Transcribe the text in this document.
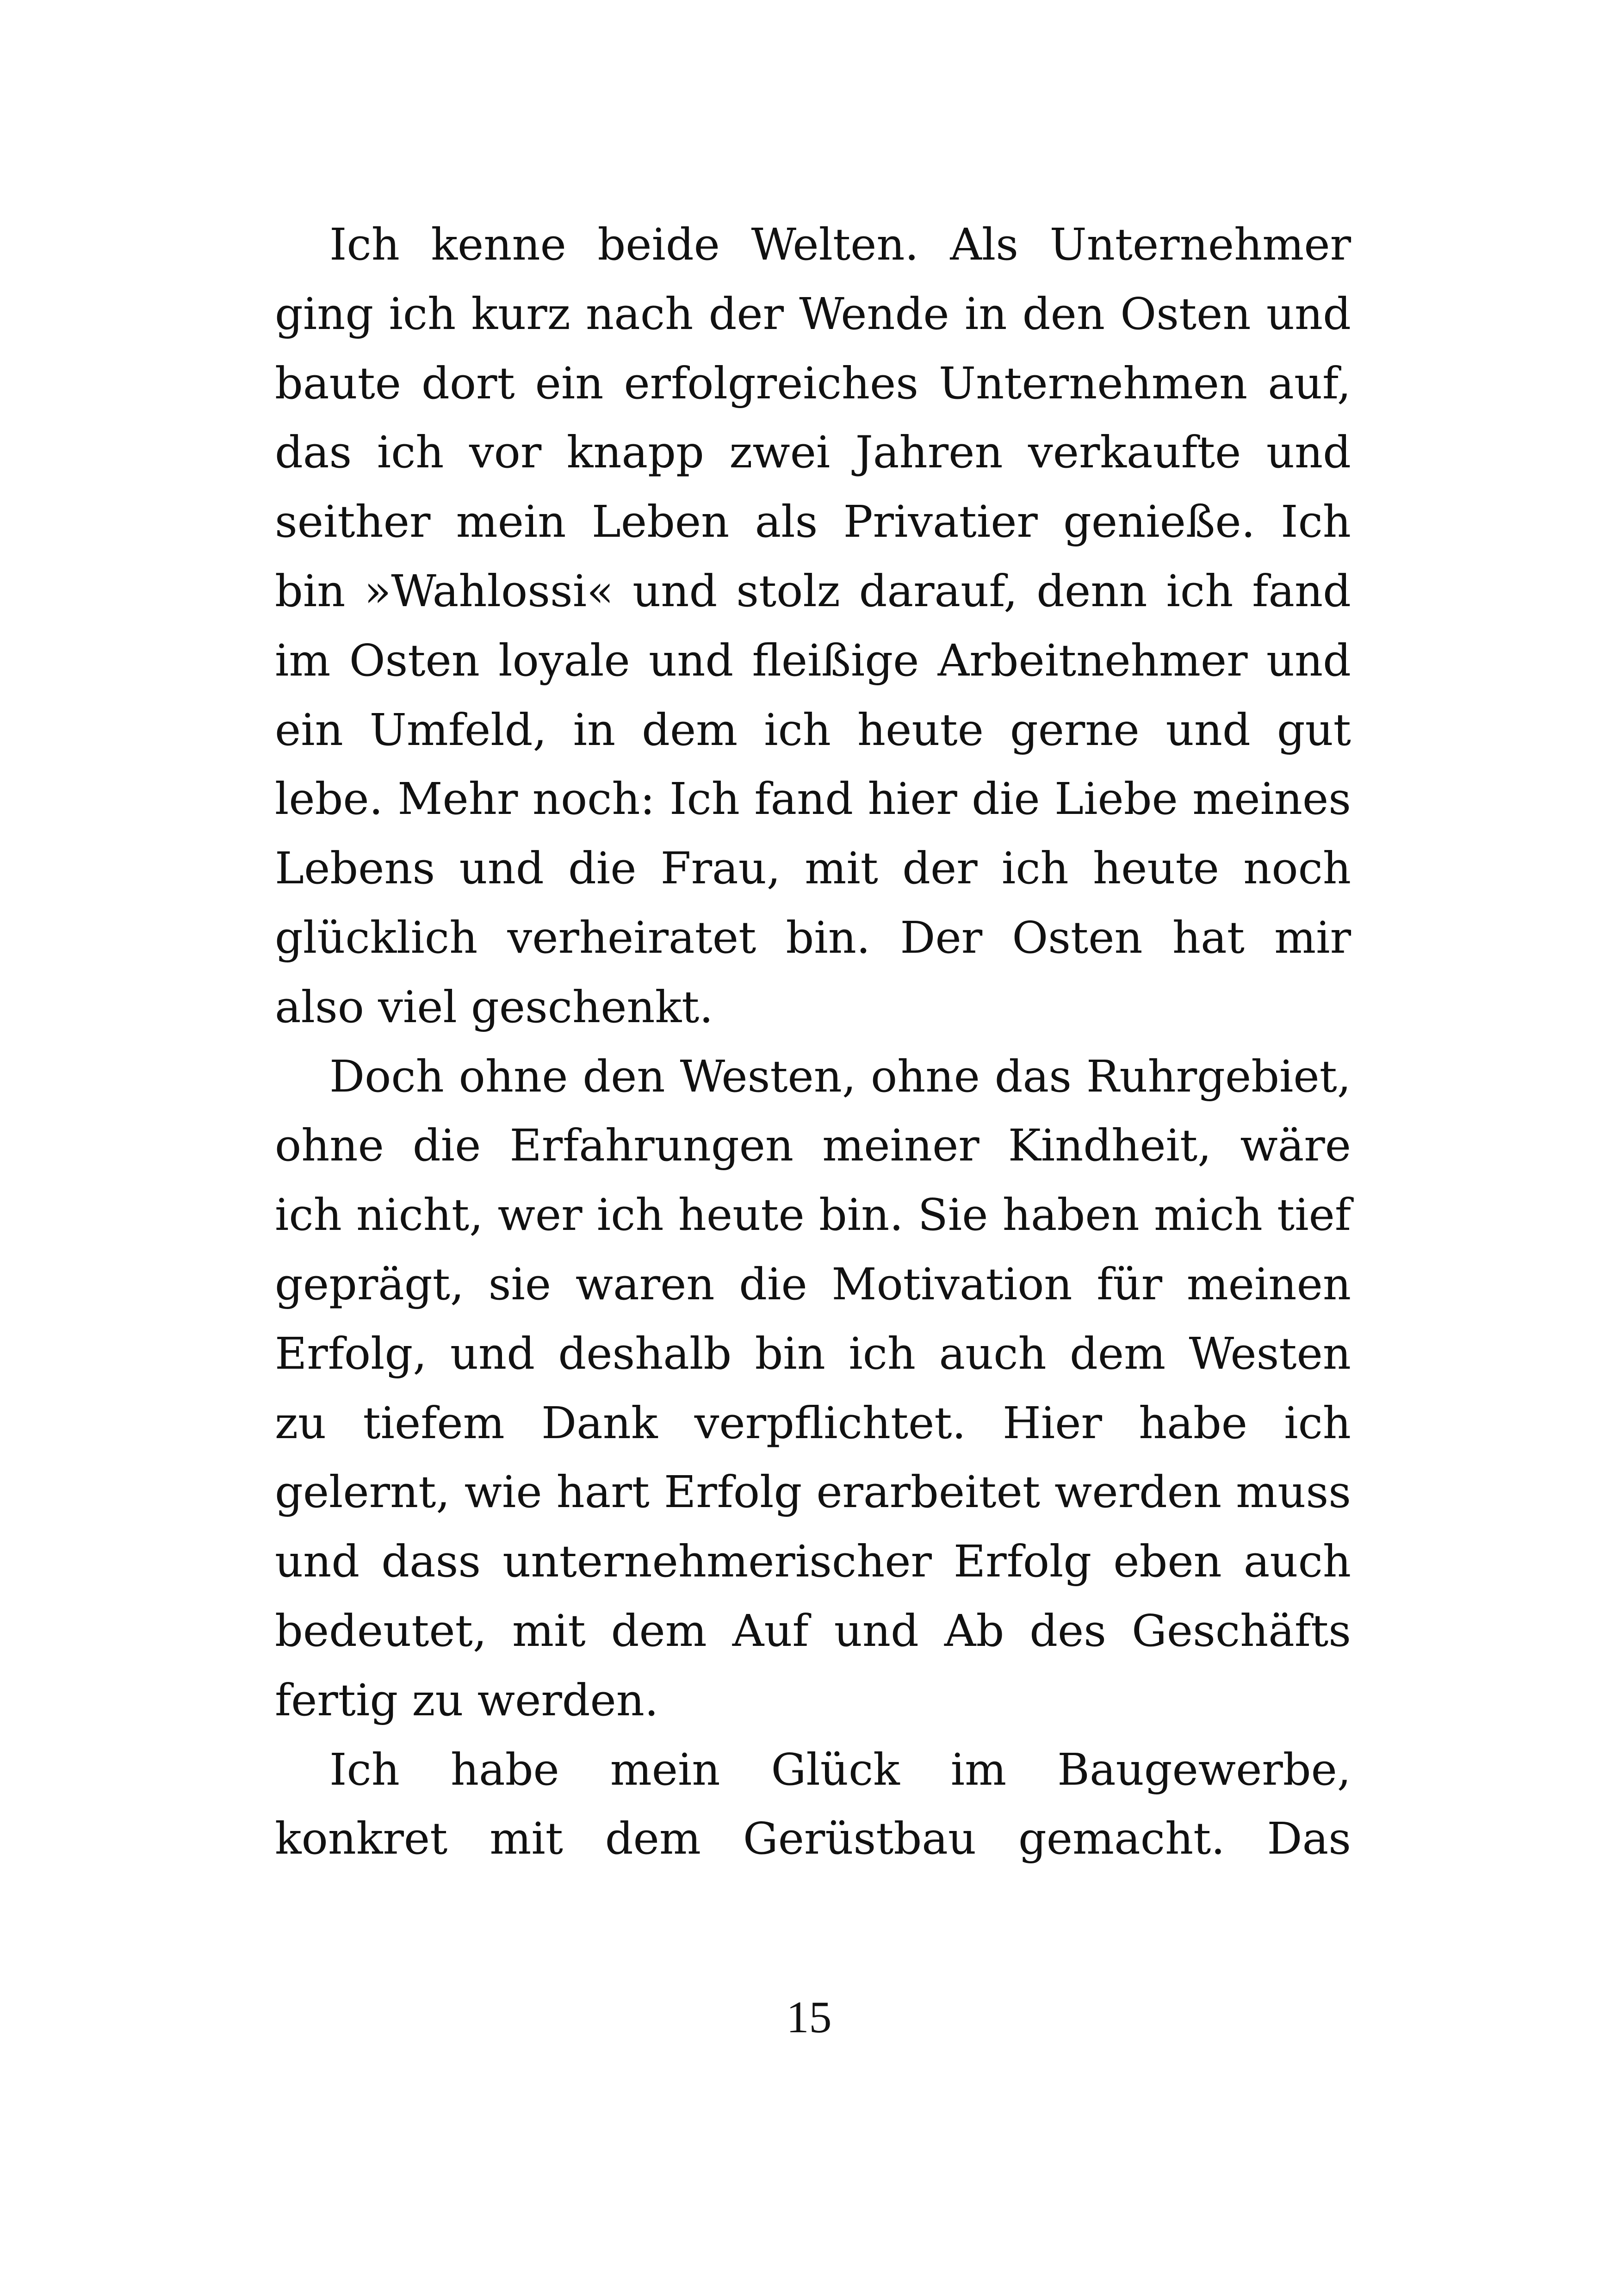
Ich kenne beide Welten. Als Unternehmer ging ich kurz nach der Wende in den Osten und baute dort ein erfolgreiches Unternehmen auf, das ich vor knapp zwei Jahren verkaufte und seither mein Leben als Privatier genieße. Ich bin »Wahlossi« und stolz darauf, denn ich fand im Osten loyale und fleißige Arbeitnehmer und ein Umfeld, in dem ich heute gerne und gut lebe. Mehr noch: Ich fand hier die Liebe meines Lebens und die Frau, mit der ich heute noch glücklich verheiratet bin. Der Osten hat mir also viel geschenkt.

Doch ohne den Westen, ohne das Ruhrgebiet, ohne die Erfahrungen meiner Kindheit, wäre ich nicht, wer ich heute bin. Sie haben mich tief geprägt, sie waren die Motivation für meinen Erfolg, und deshalb bin ich auch dem Westen zu tiefem Dank verpflichtet. Hier habe ich gelernt, wie hart Erfolg erarbeitet werden muss und dass unternehmerischer Erfolg eben auch bedeutet, mit dem Auf und Ab des Geschäfts fertig zu werden.

Ich habe mein Glück im Baugewerbe, konkret mit dem Gerüstbau gemacht. Das

15
